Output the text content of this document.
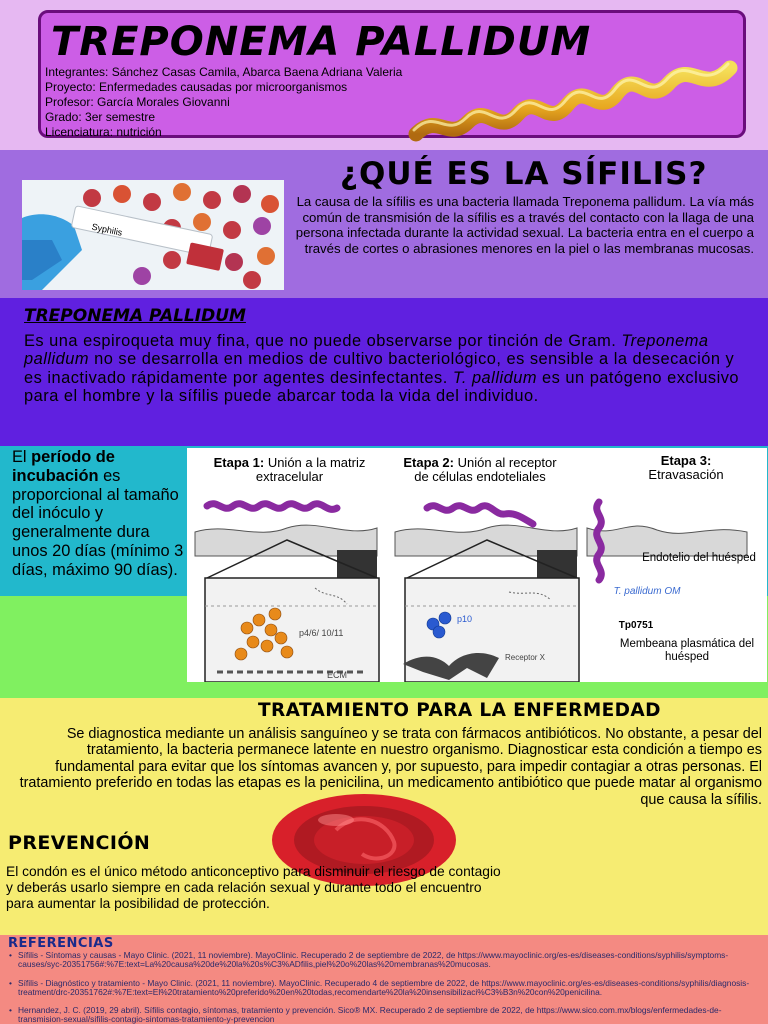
TREPONEMA PALLIDUM
Integrantes: Sánchez Casas Camila, Abarca Baena Adriana Valeria
Proyecto: Enfermedades causadas por microorganismos
Profesor: García Morales Giovanni
Grado: 3er semestre
Licenciatura: nutrición
¿QUÉ ES LA SÍFILIS?
Syphilis
La causa de la sífilis es una bacteria llamada Treponema pallidum. La vía más común de transmisión de la sífilis es a través del contacto con la llaga de una persona infectada durante la actividad sexual. La bacteria entra en el cuerpo a través de cortes o abrasiones menores en la piel o las membranas mucosas.
TREPONEMA PALLIDUM
Es una espiroqueta muy fina, que no puede observarse por tinción de Gram. Treponema pallidum no se desarrolla en medios de cultivo bacteriológico, es sensible a la desecación y es inactivado rápidamente por agentes desinfectantes. T. pallidum es un patógeno exclusivo para el hombre y la sífilis puede abarcar toda la vida del individuo.
El período de incubación es proporcional al tamaño del inóculo y generalmente dura unos 20 días (mínimo 3 días, máximo 90 días).
Etapa 1: Unión a la matriz extracelular
Etapa 2: Unión al receptor de células endoteliales
Etapa 3:
Etravasación
ECM
p4/6/ 10/11
p10
Receptor X
Endotelio del huésped
T. pallidum OM
Tp0751
Membeana plasmática del huésped
TRATAMIENTO PARA LA ENFERMEDAD
Se diagnostica mediante un análisis sanguíneo y se trata con fármacos antibióticos. No obstante, a pesar del tratamiento, la bacteria permanece latente en nuestro organismo. Diagnosticar esta condición a tiempo es fundamental para evitar que los síntomas avancen y, por supuesto, para impedir contagiar a otras personas. El tratamiento preferido en todas las etapas es la penicilina, un medicamento antibiótico que puede matar al organismo que causa la sífilis.
PREVENCIÓN
El condón es el único método anticonceptivo para disminuir el riesgo de contagio
y deberás usarlo siempre en cada relación sexual y durante todo el encuentro
para aumentar la posibilidad de protección.
REFERENCIAS
• Sífilis - Síntomas y causas - Mayo Clinic. (2021, 11 noviembre). MayoClinic. Recuperado 2 de septiembre de 2022, de https://www.mayoclinic.org/es-es/diseases-conditions/syphilis/symptoms-causes/syc-20351756#:%7E:text=La%20causa%20de%20la%20s%C3%ADfilis,piel%20o%20las%20membranas%20mucosas.
• Sífilis - Diagnóstico y tratamiento - Mayo Clinic. (2021, 11 noviembre). MayoClinic. Recuperado 4 de septiembre de 2022, de https://www.mayoclinic.org/es-es/diseases-conditions/syphilis/diagnosis-treatment/drc-20351762#:%7E:text=El%20tratamiento%20preferido%20en%20todas,recomendarte%20la%20insensibilizaci%C3%B3n%20con%20penicilina.
• Hernandez, J. C. (2019, 29 abril). Sífilis contagio, síntomas, tratamiento y prevención. Sico® MX. Recuperado 2 de septiembre de 2022, de https://www.sico.com.mx/blogs/enfermedades-de-transmision-sexual/sifilis-contagio-sintomas-tratamiento-y-prevencion
